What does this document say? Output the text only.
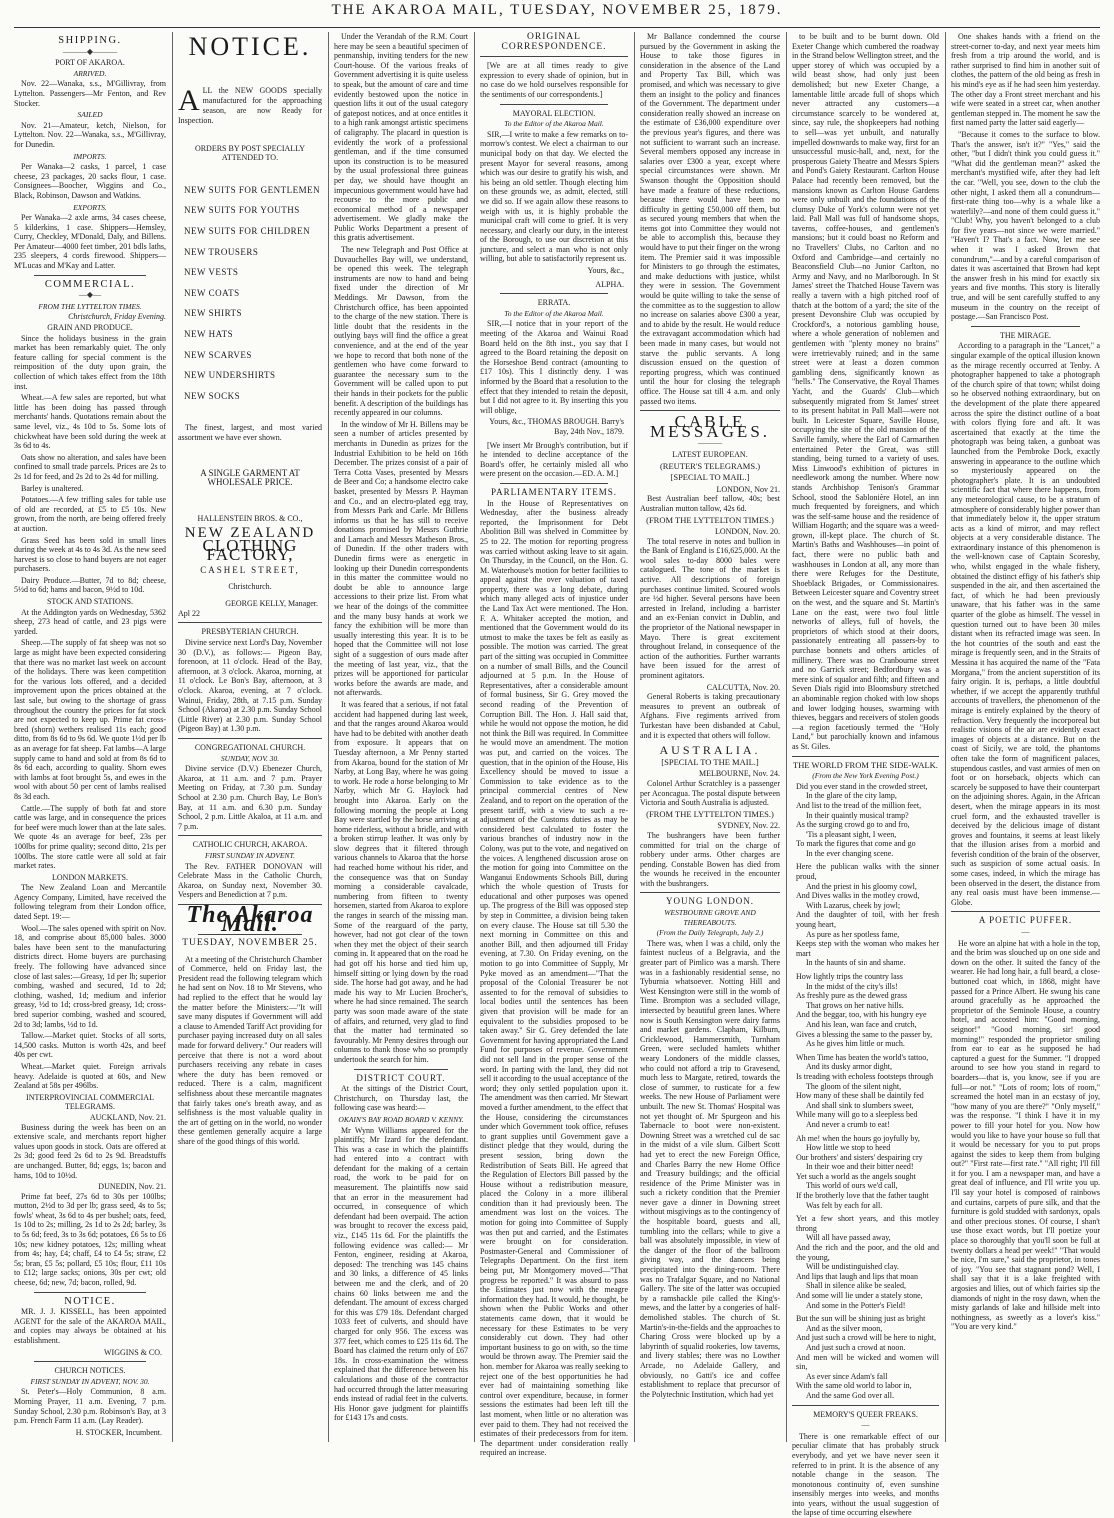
THE AKAROA MAIL, TUESDAY, NOVEMBER 25, 1879.
SHIPPING.
———◆———
PORT OF AKAROA.
ARRIVED.

Nov. 22—Wanaka, s.s., M'Gillivray, from Lyttelton. Passengers—Mr Fenton, and Rev Stocker.

SAILED

Nov. 21—Amateur, ketch, Nielson, for Lyttelton. Nov. 22—Wanaka, s.s., M'Gillivray, for Dunedin.

IMPORTS.

Per Wanaka—2 casks, 1 parcel, 1 case cheese, 23 packages, 20 sacks flour, 1 case. Consignees—Boocher, Wiggins and Co., Black, Robinson, Dawson and Watkins.

EXPORTS.

Per Wanaka—2 axle arms, 34 cases cheese, 5 kilderkins, 1 case. Shippers—Hemsley, Curry, Checkley, M'Donald, Daly, and Billens. Per Amateur—4000 feet timber, 201 bdls laths, 235 sleepers, 4 cords firewood. Shippers—M'Lucas and M'Kay and Latter.

COMMERCIAL.
—◆—
FROM THE LYTTELTON TIMES.
Christchurch, Friday Evening.
GRAIN AND PRODUCE.

Since the holidays business in the grain market has been remarkably quiet. The only feature calling for special comment is the reimposition of the duty upon grain, the collection of which takes effect from the 18th inst.

Wheat.—A few sales are reported, but what little has been doing has passed through merchants' hands. Quotations remain about the same level, viz., 4s 10d to 5s. Some lots of chickwheat have been sold during the week at 3s 6d to 4s.

Oats show no alteration, and sales have been confined to small trade parcels. Prices are 2s to 2s 1d for feed, and 2s 2d to 2s 4d for milling.

Barley is unaltered.

Potatoes.—A few trifling sales for table use of old are recorded, at £5 to £5 10s. New grown, from the north, are being offered freely at auction.

Grass Seed has been sold in small lines during the week at 4s to 4s 3d. As the new seed harvest is so close to hand buyers are not eager purchasers.

Dairy Produce.—Butter, 7d to 8d; cheese, 5½d to 6d; hams and bacon, 9½d to 10d.

STOCK AND STATIONS.

At the Addington yards on Wednesday, 5362 sheep, 273 head of cattle, and 23 pigs were yarded.

Sheep.—The supply of fat sheep was not so large as might have been expected considering that there was no market last week on account of the holidays. There was keen competition for the various lots offered, and a decided improvement upon the prices obtained at the last sale, but owing to the shortage of grass throughout the country the prices for fat stock are not expected to keep up. Prime fat cross-bred (shorn) wethers realised 11s each; good ditto, from 8s 6d to 9s 6d. We quote 1½d per lb as an average for fat sheep. Fat lambs—A large supply came to hand and sold at from 8s 6d to 8s 6d each, according to quality. Shorn ewes with lambs at foot brought 5s, and ewes in the wool with about 50 per cent of lambs realised 8s 3d each.

Cattle.—The supply of both fat and store cattle was large, and in consequence the prices for beef were much lower than at the late sales. We quote 4s an average for beef, 23s per 100lbs for prime quality; second ditto, 21s per 100lbs. The store cattle were all sold at fair market rates.

LONDON MARKETS.

The New Zealand Loan and Mercantile Agency Company, Limited, have received the following telegram from their London office, dated Sept. 19:—

Wool.—The sales opened with spirit on Nov. 18, and comprise about 85,000 bales. 3000 bales have been sent to the manufacturing districts direct. Home buyers are purchasing freely. The following have advanced since close of last sales:—Greasy, 1d per lb; superior combing, washed and secured, 1d to 2d; clothing, washed, 1d; medium and inferior greasy, ½d to 1d; cross-bred greasy, 1d; cross-bred superior combing, washed and scoured, 2d to 3d; lambs, ½d to 1d.

Tallow.—Market quiet. Stocks of all sorts, 14,500 casks. Mutton is worth 42s, and beef 40s per cwt.

Wheat.—Market quiet. Foreign arrivals heavy. Adelaide is quoted at 60s, and New Zealand at 58s per 496lbs.

INTERPROVINCIAL COMMERCIAL TELEGRAMS.
AUCKLAND, Nov. 21.

Business during the week has been on an extensive scale, and merchants report higher values upon goods in stock. Oats are offered at 2s 3d; good feed 2s 6d to 2s 9d. Breadstuffs are unchanged. Butter, 8d; eggs, 1s; bacon and hams, 10d to 10½d.

DUNEDIN, Nov. 21.

Prime fat beef, 27s 6d to 30s per 100lbs; mutton, 2½d to 3d per lb; grass seed, 4s to 5s; fowls' wheat, 3s 6d to 4s per bushel; oats, feed, 1s 10d to 2s; milling, 2s 1d to 2s 2d; barley, 3s to 5s 6d; feed, 3s to 3s 6d; potatoes, £6 5s to £6 10s; new kidney potatoes, 12s; milling wheat from 4s; hay, £4; chaff, £4 to £4 5s; straw, £2 5s; bran, £5 5s; pollard, £5 10s; flour, £11 10s to £12; large sacks; onions, 30s per cwt; old cheese, 6d; new, 7d; bacon, rolled, 9d.

NOTICE.

MR. J. J. KISSELL, has been appointed AGENT for the sale of the AKAROA MAIL, and copies may always be obtained at his establishment.

WIGGINS & CO.
CHURCH NOTICES.
FIRST SUNDAY IN ADVENT, NOV. 30.

St. Peter's—Holy Communion, 8 a.m. Morning Prayer, 11 a.m. Evening, 7 p.m. Sunday School, 2.30 p.m. Robinson's Bay, at 3 p.m. French Farm 11 a.m. (Lay Reader).

H. STOCKER, Incumbent.
NOTICE.
ALL the NEW GOODS specially manufactured for the approaching season, are now Ready for Inspection.
ORDERS BY POST SPECIALLY ATTENDED TO.
NEW SUITS FOR GENTLEMEN
NEW SUITS FOR YOUTHS
NEW SUITS FOR CHILDREN
NEW TROUSERS
NEW VESTS
NEW COATS
NEW SHIRTS
NEW HATS
NEW SCARVES
NEW UNDERSHIRTS
NEW SOCKS

The finest, largest, and most varied assortment we have ever shown.

A SINGLE GARMENT AT WHOLESALE PRICE.
HALLENSTEIN BROS. & CO.,
NEW ZEALAND
CLOTHING FACTORY,
CASHEL STREET,
Christchurch.
GEORGE KELLY, Manager.
Apl 22
PRESBYTERIAN CHURCH.

Divine service next Lord's Day, November 30 (D.V.), as follows:— Pigeon Bay, forenoon, at 11 o'clock. Head of the Bay, afternoon, at 3 o'clock. Akaroa, morning, at 11 o'clock. Le Bon's Bay, afternoon, at 3 o'clock. Akaroa, evening, at 7 o'clock. Wainui, Friday, 28th, at 7.15 p.m. Sunday School (Akaroa) at 2.30 p.m. Sunday School (Little River) at 2.30 p.m. Sunday School (Pigeon Bay) at 1.30 p.m.

CONGREGATIONAL CHURCH.
SUNDAY, NOV. 30.

Divine service (D.V.) Ebenezer Church, Akaroa, at 11 a.m. and 7 p.m. Prayer Meeting on Friday, at 7.30 p.m. Sunday School at 2.30 p.m. Church Bay, Le Bon's Bay, at 11 a.m. and 6.30 p.m. Sunday School, 2 p.m. Little Akaloa, at 11 a.m. and 7 p.m.

CATHOLIC CHURCH, AKAROA.
FIRST SUNDAY IN ADVENT.

The Rev. FATHER DONOVAN will Celebrate Mass in the Catholic Church, Akaroa, on Sunday next, November 30. Vespers and Benediction at 7 p.m.

The Akaroa Mail.
TUESDAY, NOVEMBER 25.

At a meeting of the Christchurch Chamber of Commerce, held on Friday last, the President read the following telegram which he had sent on Nov. 18 to Mr Stevens, who had replied to the effect that he would lay the matter before the Ministers:—"It will save many disputes if Government will add a clause to Amended Tariff Act providing for purchaser paying increased duty on all sales made for forward delivery." Our readers will perceive that there is not a word about purchasers receiving any rebate in cases where the duty has been removed or reduced. There is a calm, magnificent selfishness about these mercantile magnates that fairly takes one's breath away, and as selfishness is the most valuable quality in the art of getting on in the world, no wonder these gentlemen generally acquire a large share of the good things of this world.

Under the Verandah of the R.M. Court here may be seen a beautiful specimen of penmanship, inviting tenders for the new Court-house. Of the various freaks of Government advertising it is quite useless to speak, but the amount of care and time evidently bestowed upon the notice in question lifts it out of the usual category of gatepost notices, and at once entitles it to a high rank amongst artistic specimens of caligraphy. The placard in question is evidently the work of a professional gentleman, and if the time consumed upon its construction is to be measured by the usual professional three guineas per day, we should have thought an impecunious government would have had recourse to the more public and economical method of a newspaper advertisement. We gladly make the Public Works Department a present of this gratis advertisement.

The new Telegraph and Post Office at Duvauchelles Bay will, we understand, be opened this week. The telegraph instruments are now to hand and being fixed under the direction of Mr Meddings. Mr Dawson, from the Christchurch office, has been appointed to the charge of the new station. There is little doubt that the residents in the outlying bays will find the office a great convenience, and at the end of the year we hope to record that both none of the gentlemen who have come forward to guarantee the necessary sum to the Government will be called upon to put their hands in their pockets for the public benefit. A description of the buildings has recently appeared in our columns.

In the window of Mr H. Billens may be seen a number of articles presented by merchants in Dunedin as prizes for the Industrial Exhibition to be held on 16th December. The prizes consist of a pair of Terra Cotta Vases, presented by Messrs de Beer and Co; a handsome electro cake basket, presented by Messrs P. Hayman and Co., and an electro-plated egg tray, from Messrs Park and Carle. Mr Billens informs us that he has still to receive donations promised by Messrs Guthrie and Larnach and Messrs Matheson Bros., of Dunedin. If the other traders with Dunedin firms were as energetic in looking up their Dunedin correspondents in this matter the committee would no doubt be able to announce large accessions to their prize list. From what we hear of the doings of the committee and the many busy hands at work we fancy the exhibition will be more than usually interesting this year. It is to be hoped that the Committee will not lose sight of a suggestion of ours made after the meeting of last year, viz., that the prizes will be apportioned for particular works before the awards are made, and not afterwards.

It was feared that a serious, if not fatal accident had happened during last week, and that the ranges around Akaroa would have had to be debited with another death from exposure. It appears that on Tuesday afternoon, a Mr Penny started from Akaroa, bound for the station of Mr Narby, at Long Bay, where he was going to work. He rode a horse belonging to Mr Narby, which Mr G. Haylock had brought into Akaroa. Early on the following morning the people at Long Bay were startled by the horse arriving at home riderless, without a bridle, and with a broken stirrup leather. It was only by slow degrees that it filtered through various channels to Akaroa that the horse had reached home without his rider, and the consequence was that on Sunday morning a considerable cavalcade, numbering from fifteen to twenty horsemen, started from Akaroa to explore the ranges in search of the missing man. Some of the rearguard of the party, however, had not got clear of the town when they met the object of their search coming in. It appeared that on the road he had got off his horse and tied him up, himself sitting or lying down by the road side. The horse had got away, and he had made his way to Mr Lucien Brocher's, where he had since remained. The search party was soon made aware of the state of affairs, and returned, very glad to find that the matter had terminated so favourably. Mr Penny desires through our columns to thank those who so promptly undertook the search for him.

DISTRICT COURT.

At the sittings of the District Court, Christchurch, on Thursday last, the following case was heard:—

OKAIN'S BAY ROAD BOARD V. KENNY.

Mr Wynn Williams appeared for the plaintiffs; Mr Izard for the defendant. This was a case in which the plaintiffs had entered into a contract with defendant for the making of a certain road, the work to be paid for on measurement. The plaintiffs now said that an error in the measurement had occurred, in consequence of which defendant had been overpaid. The action was brought to recover the excess paid, viz., £145 11s 6d. For the plaintiffs the following evidence was called:— Mr Fenton, engineer, residing at Akaroa, deposed: The trenching was 145 chains and 30 links, a difference of 45 links between me and the clerk, and of 20 chains 60 links between me and the defendant. The amount of excess charged for this was £79 18s. Defendant charged 1033 feet of culverts, and should have charged for only 956. The excess was 377 feet, which comes to £25 11s 6d. The Board has claimed the return only of £67 18s. In cross-examination the witness explained that the difference between his calculations and those of the contractor had occurred through the latter measuring ends instead of radial feet in the culverts. His Honor gave judgment for plaintiffs for £143 17s and costs.

ORIGINAL CORRESPONDENCE.

[We are at all times ready to give expression to every shade of opinion, but in no case do we hold ourselves responsible for the sentiments of our correspondents.]

MAYORAL ELECTION.
To the Editor of the Akaroa Mail.

SIR,—I write to make a few remarks on to-morrow's contest. We elect a chairman to our municipal body on that day. We elected the present Mayor for several reasons, among which was our desire to gratify his wish, and his being an old settler. Though electing him on these grounds we, as admit, elected, still we did so. If we again allow these reasons to weigh with us, it is highly probable the municipal craft will come to grief. It is very necessary, and clearly our duty, in the interest of the Borough, to use our discretion at this juncture, and select a man who is not only willing, but able to satisfactorily represent us.

Yours, &c.,
ALPHA.
ERRATA.
To the Editor of the Akaroa Mail.

SIR,—I notice that in your report of the meeting of the Akaroa and Wainui Road Board held on the 8th inst., you say that I agreed to the Board retaining the deposit on the Horseshoe Bend contract (amounting to £17 10s). This I distinctly deny. I was informed by the Board that a resolution to the effect that they intended to retain the deposit, but I did not agree to it. By inserting this you will oblige,

Yours, &c., THOMAS BROUGH. Barry's Bay, 24th Nov., 1879.

[We insert Mr Brough's contribution, but if he intended to decline acceptance of the Board's offer, he certainly misled all who were present on the occasion.—ED. A. M.]

PARLIAMENTARY ITEMS.

In the House of Representatives on Wednesday, after the business already reported, the Imprisonment for Debt Abolition Bill was shelved in Committee by 25 to 22. The motion for reporting progress was carried without asking leave to sit again. On Thursday, in the Council, on the Hon. G. M. Waterhouse's motion for better facilities to appeal against the over valuation of taxed property, there was a long debate, during which many alleged acts of injustice under the Land Tax Act were mentioned. The Hon. F. A. Whitaker accepted the motion, and mentioned that the Government would do its utmost to make the taxes be felt as easily as possible. The motion was carried. The great part of the sitting was occupied in Committee on a number of small Bills, and the Council adjourned at 5 p.m. In the House of Representatives, after a considerable amount of formal business, Sir G. Grey moved the second reading of the Prevention of Corruption Bill. The Hon. J. Hall said that, while he would not oppose the motion, he did not think the Bill was required. In Committee he would move an amendment. The motion was put, and carried on the voices. The question, that in the opinion of the House, His Excellency should be moved to issue a Commission to take evidence as to the principal commercial centres of New Zealand, and to report on the operation of the present tariff, with a view to such a re-adjustment of the Customs duties as may be considered best calculated to foster the various branches of industry now in the Colony, was put to the vote, and negatived on the voices. A lengthened discussion arose on the motion for going into Committee on the Wanganui Endowments Schools Bill, during which the whole question of Trusts for educational and other purposes was opened up. The progress of the Bill was opposed step by step in Committee, a division being taken on every clause. The House sat till 5.30 the next morning in Committee on this and another Bill, and then adjourned till Friday evening, at 7.30. On Friday evening, on the motion to go into Committee of Supply, Mr Pyke moved as an amendment—"That the proposal of the Colonial Treasurer be not assented to for the removal of subsidies to local bodies until the sentences has been given that provision will be made for an equivalent to the subsidies proposed to be taken away." Sir G. Grey defended the late Government for having appropriated the Land Fund for purposes of revenue. Government did not sell land in the proper sense of the word. In parting with the land, they did not sell it according to the usual acceptance of the word; they only settled population upon it. The amendment was then carried. Mr Stewart moved a further amendment, to the effect that the House, considering the circumstances under which Government took office, refuses to grant supplies until Government gave a distinct pledge that they would, during the present session, bring down the Redistribution of Seats Bill. He agreed that the Regulation of Electors Bill passed by the House without a redistribution measure, placed the Colony in a more illiberal condition than it had previously been. The amendment was lost on the voices. The motion for going into Committee of Supply was then put and carried, and the Estimates were brought on for consideration. Postmaster-General and Commissioner of Telegraphs Department. On the first item being put, Mr Montgomery moved—"That progress be reported." It was absurd to pass the Estimates just now with the meagre information they had. It would, he thought, be shown when the Public Works and other statements came down, that it would be necessary for these Estimates to be very considerably cut down. They had other important business to go on with, so the time would be thrown away. The Premier said the hon. member for Akaroa was really seeking to reject one of the best opportunities he had ever had of maintaining something like control over expenditure, because, in former sessions the estimates had been left till the last moment, when little or no alteration was ever paid to them. They had not received the estimates of their predecessors from for item. The department under consideration really required an increase.

Mr Ballance condemned the course pursued by the Government in asking the House to take those figures in consideration in the absence of the Land and Property Tax Bill, which was promised, and which was necessary to give them an insight to the policy and finances of the Government. The department under consideration really showed an increase on the estimate of £36,000 expenditure over the previous year's figures, and there was not sufficient to warrant such an increase. Several members opposed any increase in salaries over £300 a year, except where special circumstances were shown. Mr Swanson thought the Opposition should have made a feature of these reductions, because there would have been no difficulty in getting £50,000 off them, but as secured young members that when the items got into Committee they would not be able to accomplish this, because they would have to put their finger on the wrong item. The Premier said it was impossible for Ministers to go through the estimates, and make deductions with justice, whilst they were in session. The Government would be quite willing to take the sense of the committee as to the suggestion to allow no increase on salaries above £300 a year, and to abide by the result. He would reduce the extravagant accommodation which had been made in many cases, but would not starve the public servants. A long discussion ensued on the question of reporting progress, which was continued until the hour for closing the telegraph office. The House sat till 4 a.m. and only passed two items.

CABLE MESSAGES.
———
LATEST EUROPEAN.
(REUTER'S TELEGRAMS.)
[SPECIAL TO MAIL.]
LONDON, Nov 21.

Best Australian beef tallow, 40s; best Australian mutton tallow, 42s 6d.

(FROM THE LYTTELTON TIMES.)
LONDON, Nov. 20.

The total reserve in notes and bullion in the Bank of England is £16,625,000. At the wool sales to-day 8000 bales were catalogued. The tone of the market is active. All descriptions of foreign purchases continue limited. Scoured wools are ½d higher. Several persons have been arrested in Ireland, including a barrister and an ex-Fenian convict in Dublin, and the proprietor of the National newspaper in Mayo. There is great excitement throughout Ireland, in consequence of the action of the authorities. Further warrants have been issued for the arrest of prominent agitators.

CALCUTTA, Nov. 20.

General Roberts is taking precautionary measures to prevent an outbreak of Afghans. Five regiments arrived from Turkestan have been disbanded at Cabul, and it is expected that others will follow.

AUSTRALIA.
[SPECIAL TO THE MAIL.]
MELBOURNE, Nov. 24.

Colonel Arthur Scratchley is a passenger per Aconcagua. The postal dispute between Victoria and South Australia is adjusted.

(FROM THE LYTTELTON TIMES.)
SYDNEY, Nov. 22.

The bushrangers have been further committed for trial on the charge of robbery under arms. Other charges are pending. Constable Bowen has died from the wounds he received in the encounter with the bushrangers.

YOUNG LONDON.
WESTBOURNE GROVE AND THEREABOUTS.
(From the Daily Telegraph, July 2.)

There was, when I was a child, only the faintest nucleus of a Belgravia, and the greater part of Pimlico was a marsh. There was in a fashionably residential sense, no Tyburnia whatsoever. Notting Hill and West Kensington were still in the womb of Time. Brompton was a secluded village, intersected by beautiful green lanes. Where now is South Kensington were dairy farms and market gardens. Clapham, Kilburn, Cricklewood, Hammersmith, Turnham Green, were secluded hamlets whither weary Londoners of the middle classes, who could not afford a trip to Gravesend, much less to Margate, retired, towards the close of summer, to rusticate for a few weeks. The new House of Parliament were unbuilt. The new St. Thomas' Hospital was not yet thought of. Mr Spurgeon and his Tabernacle to boot were non-existent. Downing Street was a wretched cul de sac in the midst of a vile slum. Gilbert Scott had yet to erect the new Foreign Office, and Charles Barry the new Home Office and Treasury buildings; and the official residence of the Prime Minister was in such a rickety condition that the Premier never gave a dinner in Downing street without misgivings as to the contingency of the hospitable board, guests and all, tumbling into the cellars; while to give a ball was absolutely impossible, in view of the danger of the floor of the ballroom giving way, and the dancers being precipitated into the dining-room. There was no Trafalgar Square, and no National Gallery. The site of the latter was occupied by a ramshackle pile called the King's-mews, and the latter by a congeries of half-demolished stables. The church of St. Martin's-in-the-fields and the approaches to Charing Cross were blocked up by a labyrinth of squalid rookeries, low taverns, and livery stables; there was no Lowther Arcade, no Adelaide Gallery, and obviously, no Gatti's ice and coffee establishment to replace that precursor of the Polytechnic Institution, which had yet

to be built and to be burnt down. Old Exeter Change which cumbered the roadway in the Strand below Wellington street, and the upper storey of which was occupied by a wild beast show, had only just been demolished; but new Exeter Change, a lamentable little arcade full of shops which never attracted any customers—a circumstance scarcely to be wondered at, since, say rule, the shopkeepers had nothing to sell—was yet unbuilt, and naturally impelled downwards to make way, first for an unsuccessful music-hall, and, next, for the prosperous Gaiety Theatre and Messrs Spiers and Pond's Gaiety Restaurant. Carlton House Palace had recently been removed, but the mansions known as Carlton House Gardens were only unbuilt and the foundations of the clumsy Duke of York's column were not yet laid. Pall Mall was full of handsome shops, taverns, coffee-houses, and gentlemen's mansions; but it could boast no Reform and no Travellers' Clubs, no Carlton and no Oxford and Cambridge—and certainly no Beaconsfield Club—no Junior Carlton, no Army and Navy, and no Marlborough. In St James' street the Thatched House Tavern was really a tavern with a high pitched roof of thatch at the bottom of a yard; the site of the present Devonshire Club was occupied by Crockford's, a notorious gambling house, where a whole generation of noblemen and gentlemen with "plenty money no brains" were irretrievably ruined; and in the same street were at least a dozen common gambling dens, significantly known as "hells." The Conservative, the Royal Thames Yacht, and the Guards' Club—which subsequently migrated from St James' street to its present habitat in Pall Mall—were not built. In Leicester Square, Saville House, occupying the site of the old mansion of the Saville family, where the Earl of Carmarthen entertained Peter the Great, was still standing, being turned to a variety of uses. Miss Linwood's exhibition of pictures in needlework among the number. Where now stands Archbishop Tenison's Grammar School, stood the Sablonière Hotel, an inn much frequented by foreigners, and which was the self-same house and the residence of William Hogarth; and the square was a weed-grown, ill-kept place. The church of St. Martin's Baths and Washhouses—in point of fact, there were no public bath and washhouses in London at all, any more than there were Refuges for the Destitute, Shoeblack Brigades, or Commissionaires. Between Leicester square and Coventry street on the west, and the square and St. Martin's Lane on the east, were two foul little networks of alleys, full of hovels, the proprietors of which stood at their doors, passionately entreating all passers-by to purchase bonnets and others articles of millinery. There was no Cranbourne street and no Garrick street; Bedfordbury was a mere sink of squalor and filth; and fifteen and Seven Dials rigid into Bloomsbury stretched an abominable region choked with low shops and lower lodging houses, swarming with thieves, beggars and receivers of stolen goods—a region facetiously termed the "Holy Land," but parochially known and infamous as St. Giles.

THE WORLD FROM THE SIDE-WALK.
(From the New York Evening Post.)

Did you ever stand in the crowded street,

In the glare of the city lamp,

And list to the tread of the million feet,

In their quaintly musical tramp?

As the surging crowd go to and fro,

'Tis a pleasant sight, I ween,

To mark the figures that come and go

In the ever changing scene.

Here the publican walks with the sinner proud,

And the priest in his gloomy cowl,

And Dives walks in the motley crowd,

With Lazarus, cheek by jowl;

And the daughter of toil, with her fresh young heart,

As pure as her spotless fame,

Keeps step with the woman who makes her mart

In the haunts of sin and shame.

How lightly trips the country lass

In the midst of the city's ills!

As freshly pure as the dewed grass

That grows on her native hills.

And the beggar, too, with his hungry eye

And his lean, wan face and crutch,

Gives a blessing the same to the passer by,

As he gives him little or much.

When Time has beaten the world's tattoo,

And its dusky armor dight,

Is treading with echoless footsteps through

The gloom of the silent night,

How many of these shall be daintily fed

And shall sink to slumbers sweet,

While many will go to a sleepless bed

And never a crumb to eat!

Ah me! when the hours go joyfully by,

How little we stop to heed

Our brothers' and sisters' despairing cry

In their woe and their bitter need!

Yet such a world as the angels sought

This world of ours we'd call,

If the brotherly love that the father taught

Was felt by each for all.

Yet a few short years, and this motley throng

Will all have passed away,

And the rich and the poor, and the old and the young,

Will be undistinguished clay.

And lips that laugh and lips that moan

Shall in silence alike be sealed,

And some will lie under a stately stone,

And some in the Potter's Field!

But the sun will be shining just as bright

And as the silver moon,

And just such a crowd will be here to night,

And just such a crowd at noon.

And men will be wicked and women will sin,

As ever since Adam's fall

With the same old world to labor in,

And the same God over all.

MEMORY'S QUEER FREAKS.
—

There is one remarkable effect of our peculiar climate that has probably struck everybody, and yet we have never seen it referred to in print. It is the absence of any notable change in the season. The monotonous continuity of, even sunshine insensibly merges into weeks, and months into years, without the usual suggestion of the lapse of time occurring elsewhere

One shakes hands with a friend on the street-corner to-day, and next year meets him fresh from a trip around the world, and is rather surprised to find him in another suit of clothes, the pattern of the old being as fresh in his mind's eye as if he had seen him yesterday. The other day a Front street merchant and his wife were seated in a street car, when another gentleman stepped in. The moment he saw the first named party the latter said eagerly—

"Because it comes to the surface to blow. That's the answer, isn't it?" "Yes," said the other, "but I didn't think you could guess it." "What did the gentleman mean?" asked the merchant's mystified wife, after they had left the car. "Well, you see, down to the club the other night, I asked them all a conundrum—first-rate thing too—why is a whale like a waterlily?—and none of them could guess it." "Club! Why, you haven't belonged to a club for five years—not since we were married." "Haven't I? That's a fact. Now, let me see when it was I asked Brown that conundrum,"—and by a careful comparison of dates it was ascertained that Brown had kept the answer fresh in his mind for exactly six years and five months. This story is literally true, and will be sent carefully stuffed to any museum in the country on the receipt of postage.—San Francisco Post.

THE MIRAGE.

According to a paragraph in the "Lancet," a singular example of the optical illusion known as the mirage recently occurred at Tenby. A photographer happened to take a photograph of the church spire of that town; whilst doing so he observed nothing extraordinary, but on the development of the plate there appeared across the spire the distinct outline of a boat with colors flying fore and aft. It was ascertained that exactly at the time the photograph was being taken, a gunboat was launched from the Pembroke Dock, exactly answering in appearance to the outline which so mysteriously appeared on the photographer's plate. It is an undoubted scientific fact that where there happens, from any meteorological cause, to be a stratum of atmosphere of considerably higher power than that immediately below it, the upper stratum acts as a kind of mirror, and may reflect objects at a very considerable distance. The extraordinary instance of this phenomenon is the well-known case of Captain Scoresby, who, whilst engaged in the whale fishery, obtained the distinct effigy of his father's ship suspended in the air, and then ascertained the fact, of which he had been previously unaware, that his father was in the same quarter of the globe as himself. The vessel in question turned out to have been 30 miles distant when its refracted image was seen. In the hot countries of the south and east the mirage is frequently seen, and in the Straits of Messina it has acquired the name of the "Fata Morgana," from the ancient superstition of its fairy origin. It is, perhaps, a little doubtful whether, if we accept the apparently truthful accounts of travellers, the phenomenon of the mirage is entirely explained by the theory of refraction. Very frequently the incorporeal but realistic visions of the air are evidently exact images of objects at a distance. But on the coast of Sicily, we are told, the phantoms often take the form of magnificent palaces, stupendous castles, and vast armies of men on foot or on horseback, objects which can scarcely be supposed to have their counterpart on the adjoining shores. Again, in the African desert, when the mirage appears in its most cruel form, and the exhausted traveller is deceived by the delicious image of distant groves and fountains, it seems at least likely that the illusion arises from a morbid and feverish condition of the brain of the observer, such as suspicion of some actual oasis. In some cases, indeed, in which the mirage has been observed in the desert, the distance from any real oasis must have been immense.—Globe.

A POETIC PUFFER.
—

He wore an alpine hat with a hole in the top, and the brim was slouched up on one side and down on the other. It suited the fancy of the wearer. He had long hair, a full beard, a close-buttoned coat which, in 1868, might have passed for a Prince Albert. He swung his cane around gracefully as he approached the proprietor of the Seminole House, a country hotel, and accosted him: "Good morning, seignor!" "Good morning, sir! good morning!" responded the proprietor smiling from ear to ear as he supposed he had captured a guest for the Summer. "I dropped around to see how you stand in regard to boarders—that is, you know, see if you are full—or not." "Lots of room; lots of room," screamed the hotel man in an ecstasy of joy, "how many of you are there?" "Only myself," was the response. "I think I have it in my power to fill your hotel for you. Now how would you like to have your house so full that it would be necessary for you to put props against the sides to keep them from bulging out?" "First rate—first rate." "All right; I'll fill it for you. I am a newspaper man, and have a great deal of influence, and I'll write you up. I'll say your hotel is composed of rainbows and curtains, carpets of pure silk, and that the furniture is gold studded with sardonyx, opals and other precious stones. Of course, I shan't use those exact words, but I'll poetize your place so thoroughly that you'll soon be full at twenty dollars a head per week!" "That would be nice, I'm sure," said the proprietor, in tones of joy. "You see that stagnant pond? Well, I shall say that it is a lake freighted with argosies and lilies, out of which fairies sip the diamonds of night in the rosy dawn, when the misty garlands of lake and hillside melt into nothingness, as sweetly as a lover's kiss." "You are very kind."
